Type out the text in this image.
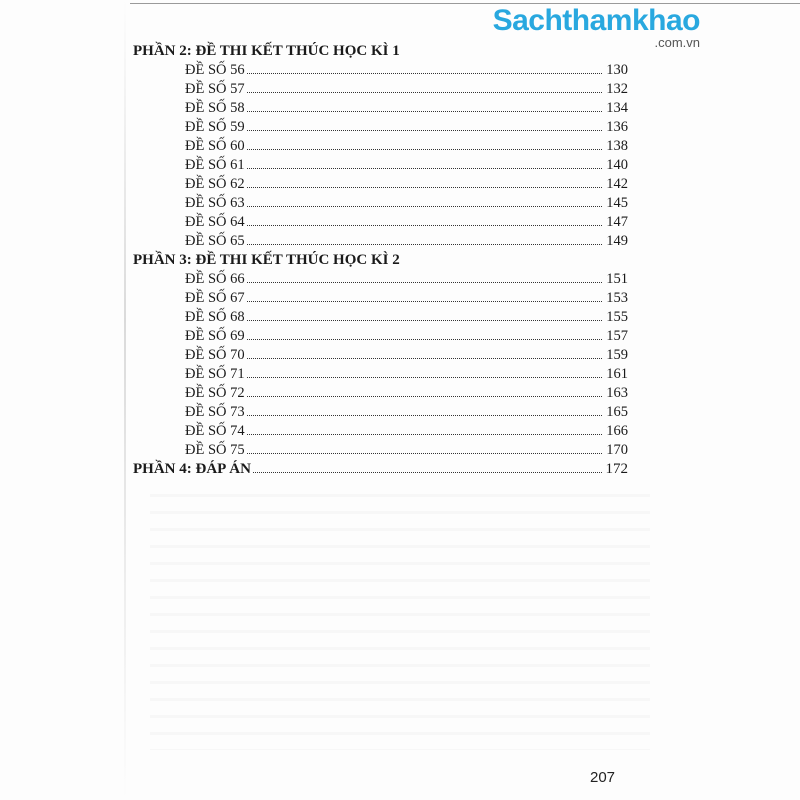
Sachthamkhao
.com.vn
PHẦN 2: ĐỀ THI KẾT THÚC HỌC KÌ 1
ĐỀ SỐ 56	130
ĐỀ SỐ 57	132
ĐỀ SỐ 58	134
ĐỀ SỐ 59	136
ĐỀ SỐ 60	138
ĐỀ SỐ 61	140
ĐỀ SỐ 62	142
ĐỀ SỐ 63	145
ĐỀ SỐ 64	147
ĐỀ SỐ 65	149
PHẦN 3: ĐỀ THI KẾT THÚC HỌC KÌ 2
ĐỀ SỐ 66	151
ĐỀ SỐ 67	153
ĐỀ SỐ 68	155
ĐỀ SỐ 69	157
ĐỀ SỐ 70	159
ĐỀ SỐ 71	161
ĐỀ SỐ 72	163
ĐỀ SỐ 73	165
ĐỀ SỐ 74	166
ĐỀ SỐ 75	170
PHẦN 4: ĐÁP ÁN	172
207
